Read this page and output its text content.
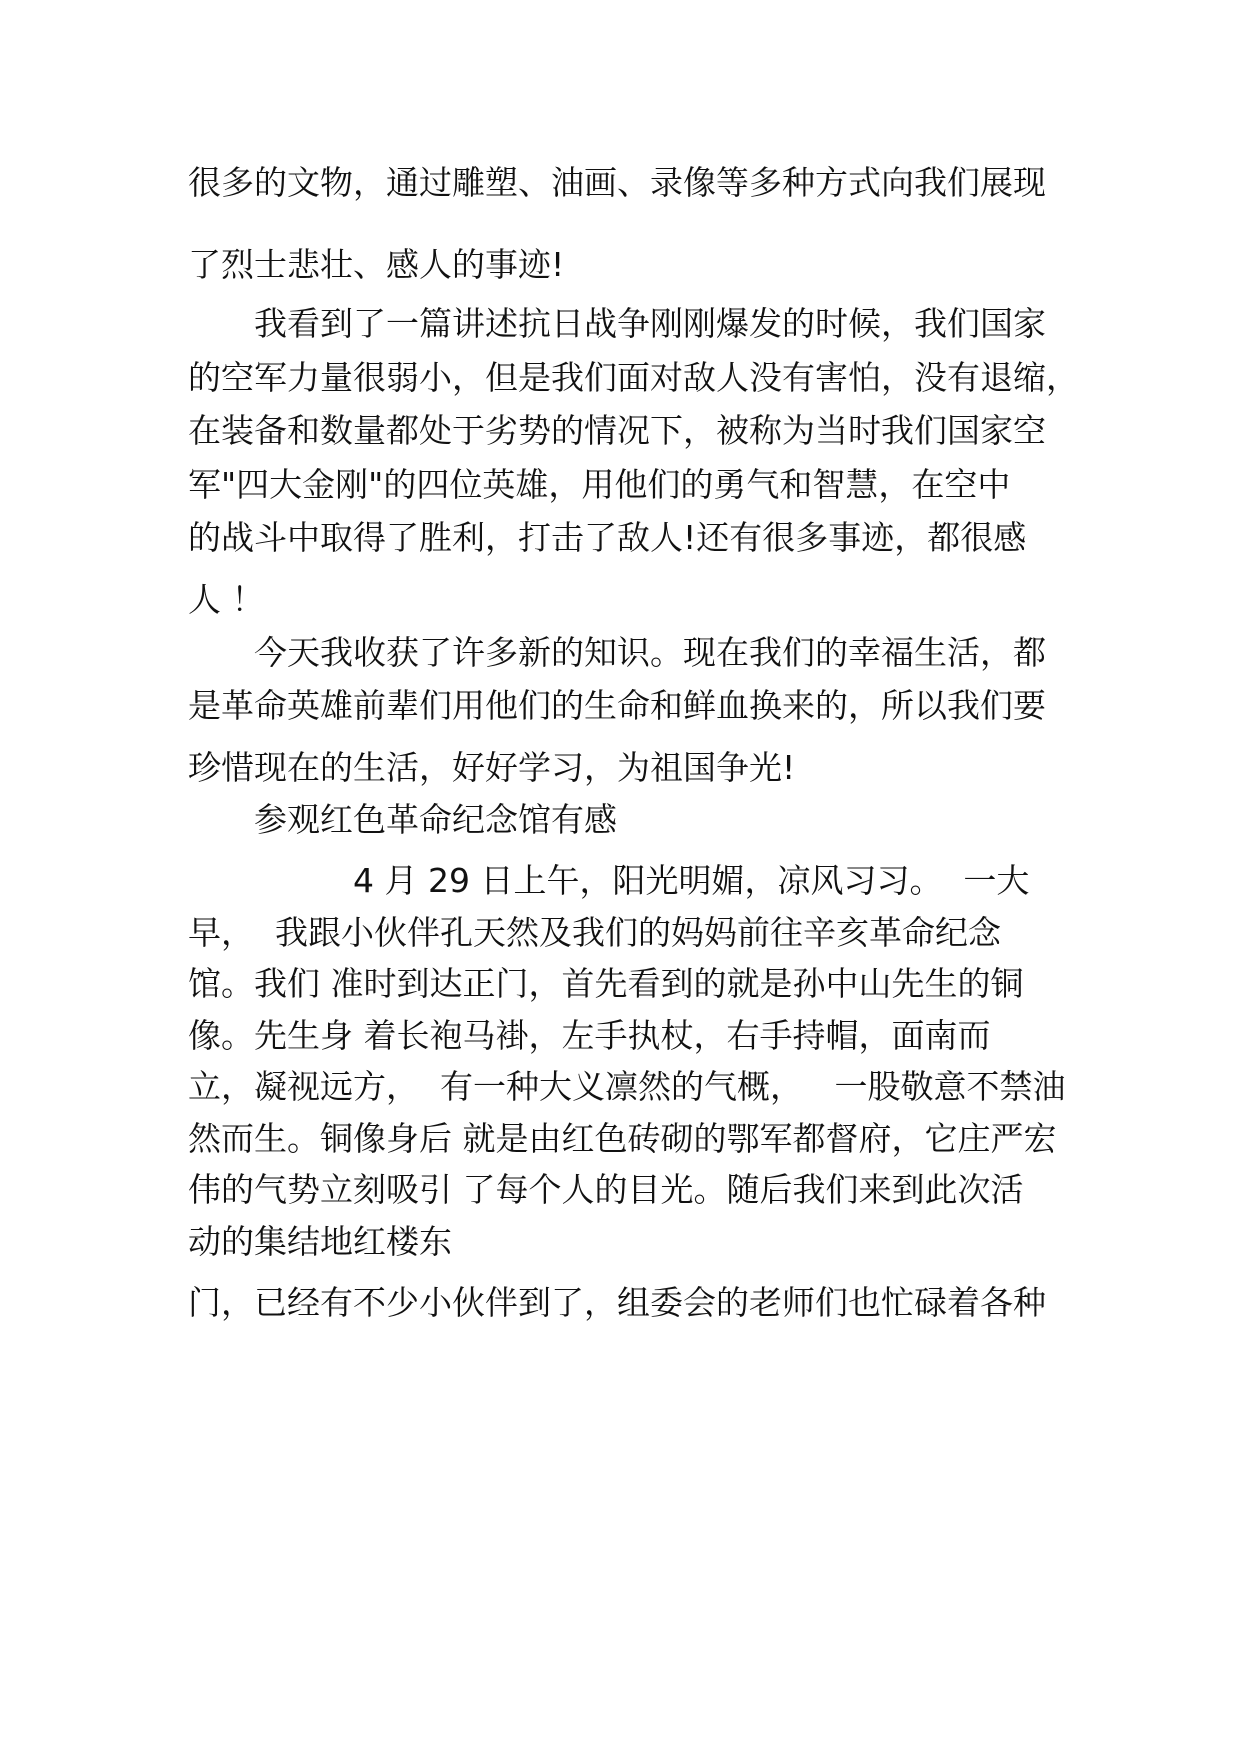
很多的文物，通过雕塑、油画、录像等多种方式向我们展现
了烈士悲壮、感人的事迹!
　　我看到了一篇讲述抗日战争刚刚爆发的时候，我们国家
的空军力量很弱小，但是我们面对敌人没有害怕，没有退缩，
在装备和数量都处于劣势的情况下，被称为当时我们国家空
军"四大金刚"的四位英雄，用他们的勇气和智慧，在空中
的战斗中取得了胜利，打击了敌人!还有很多事迹，都很感
人 ！
　　今天我收获了许多新的知识。现在我们的幸福生活，都
是革命英雄前辈们用他们的生命和鲜血换来的，所以我们要
珍惜现在的生活，好好学习，为祖国争光!
　　参观红色革命纪念馆有感
　　　　　4 月 29 日上午，阳光明媚，凉风习习。  一大
早，  我跟小伙伴孔天然及我们的妈妈前往辛亥革命纪念
馆。我们 准时到达正门，首先看到的就是孙中山先生的铜
像。先生身 着长袍马褂，左手执杖，右手持帽，面南而
立，凝视远方，  有一种大义凛然的气概，   一股敬意不禁油
然而生。铜像身后 就是由红色砖砌的鄂军都督府，它庄严宏
伟的气势立刻吸引 了每个人的目光。随后我们来到此次活
动的集结地红楼东
门，已经有不少小伙伴到了，组委会的老师们也忙碌着各种
